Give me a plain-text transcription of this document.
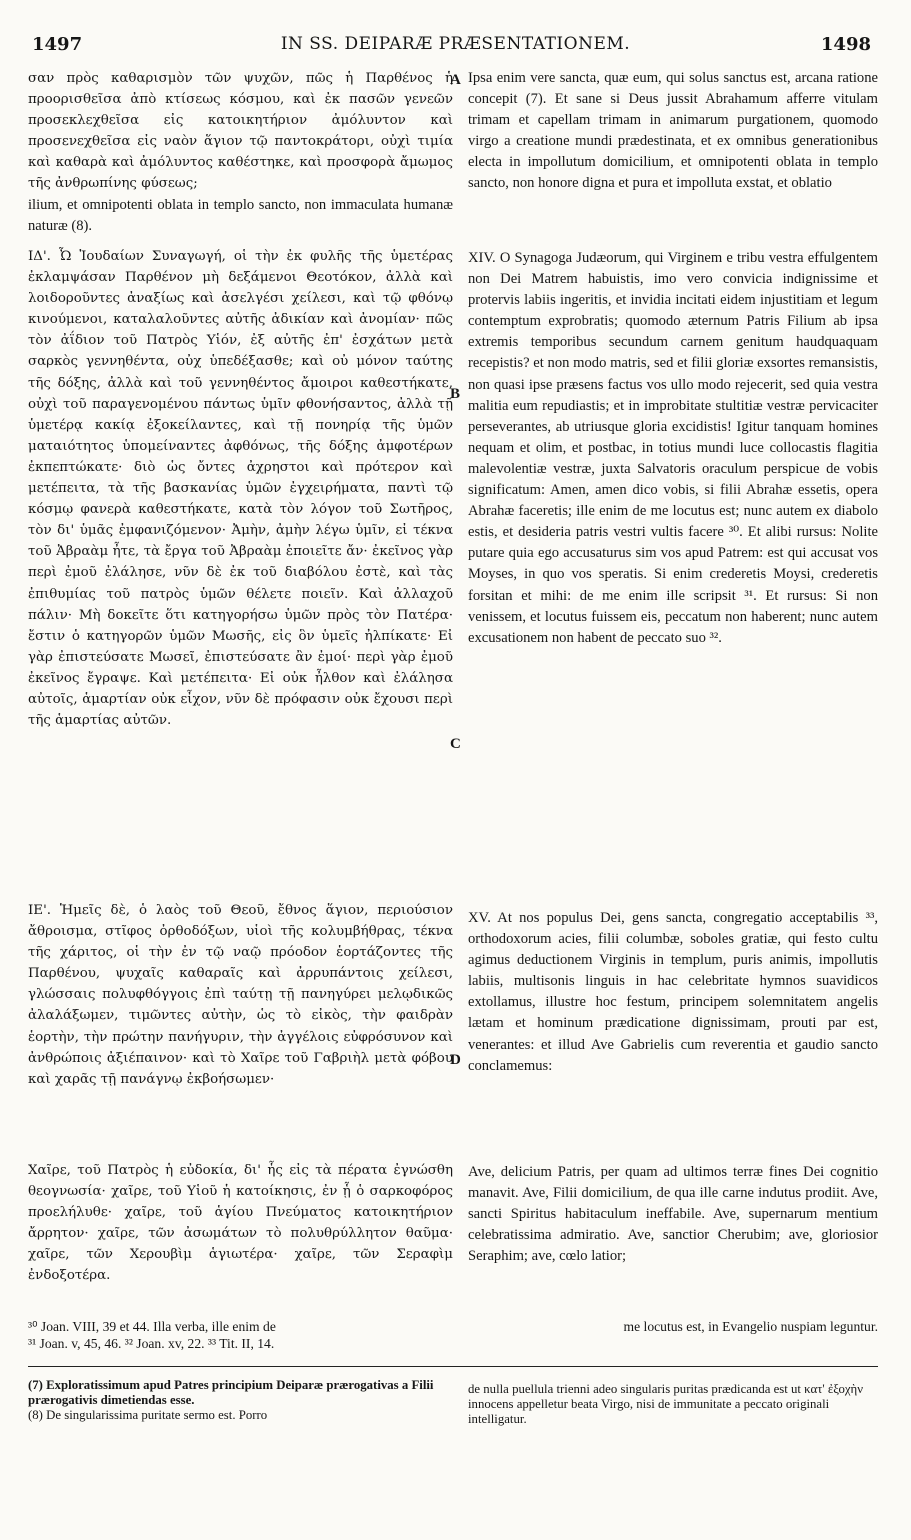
1497	IN SS. DEIPARÆ PRÆSENTATIONEM.	1498

σαν πρὸς καθαρισμὸν τῶν ψυχῶν, πῶς ἡ Παρθένος ἡ προορισθεῖσα ἀπὸ κτίσεως κόσμου, καὶ ἐκ πασῶν γενεῶν προσεκλεχθεῖσα εἰς κατοικητήριον ἀμόλυντον καὶ προσενεχθεῖσα εἰς ναὸν ἅγιον τῷ παντοκράτορι, οὐχὶ τιμία καὶ καθαρὰ καὶ ἀμόλυντος καθέστηκε, καὶ προσφορὰ ἄμωμος τῆς ἀνθρωπίνης φύσεως;

ilium, et omnipotenti oblata in templo sancto, non immaculata humanæ naturæ (8).

ΙΔ'. Ὦ Ἰουδαίων Συναγωγή, οἱ τὴν ἐκ φυλῆς τῆς ὑμετέρας ἐκλαμψάσαν Παρθένον μὴ δεξάμενοι Θεοτόκον, ἀλλὰ καὶ λοιδοροῦντες ἀναξίως καὶ ἀσελγέσι χείλεσι, καὶ τῷ φθόνῳ κινούμενοι, καταλαλοῦντες αὐτῆς ἀδικίαν καὶ ἀνομίαν· πῶς τὸν ἀΐδιον τοῦ Πατρὸς Υἱόν, ἐξ αὐτῆς ἐπ' ἐσχάτων μετὰ σαρκὸς γεννηθέντα, οὐχ ὑπεδέξασθε; καὶ οὐ μόνον ταύτης τῆς δόξης, ἀλλὰ καὶ τοῦ γεννηθέντος ἄμοιροι καθεστήκατε, οὐχὶ τοῦ παραγενομένου πάντως ὑμῖν φθονήσαντος, ἀλλὰ τῇ ὑμετέρᾳ κακίᾳ ἐξοκείλαντες, καὶ τῇ πονηρίᾳ τῆς ὑμῶν ματαιότητος ὑπομείναντες ἀφθόνως, τῆς δόξης ἀμφοτέρων ἐκπεπτώκατε· διὸ ὡς ὄντες ἀχρηστοι καὶ πρότερον καὶ μετέπειτα, τὰ τῆς βασκανίας ὑμῶν ἐγχειρήματα, παντὶ τῷ κόσμῳ φανερὰ καθεστήκατε, κατὰ τὸν λόγον τοῦ Σωτῆρος, τὸν δι' ὑμᾶς ἐμφανιζόμενον· Ἀμὴν, ἀμὴν λέγω ὑμῖν, εἰ τέκνα τοῦ Ἀβραὰμ ἦτε, τὰ ἔργα τοῦ Ἀβραὰμ ἐποιεῖτε ἄν· ἐκεῖνος γὰρ περὶ ἐμοῦ ἐλάλησε, νῦν δὲ ἐκ τοῦ διαβόλου ἐστὲ, καὶ τὰς ἐπιθυμίας τοῦ πατρὸς ὑμῶν θέλετε ποιεῖν. Καὶ ἀλλαχοῦ πάλιν· Μὴ δοκεῖτε ὅτι κατηγορήσω ὑμῶν πρὸς τὸν Πατέρα· ἔστιν ὁ κατηγορῶν ὑμῶν Μωσῆς, εἰς ὃν ὑμεῖς ἠλπίκατε· Εἰ γὰρ ἐπιστεύσατε Μωσεῖ, ἐπιστεύσατε ἂν ἐμοί· περὶ γὰρ ἐμοῦ ἐκεῖνος ἔγραψε. Καὶ μετέπειτα· Εἰ οὐκ ἦλθον καὶ ἐλάλησα αὐτοῖς, ἁμαρτίαν οὐκ εἶχον, νῦν δὲ πρόφασιν οὐκ ἔχουσι περὶ τῆς ἁμαρτίας αὐτῶν.

ΙΕ'. Ἡμεῖς δὲ, ὁ λαὸς τοῦ Θεοῦ, ἔθνος ἅγιον, περιούσιον ἄθροισμα, στῖφος ὀρθοδόξων, υἱοὶ τῆς κολυμβήθρας, τέκνα τῆς χάριτος, οἱ τὴν ἐν τῷ ναῷ πρόοδον ἑορτάζοντες τῆς Παρθένου, ψυχαῖς καθαραῖς καὶ ἀρρυπάντοις χείλεσι, γλώσσαις πολυφθόγγοις ἐπὶ ταύτῃ τῇ πανηγύρει μελῳδικῶς ἀλαλάξωμεν, τιμῶντες αὐτὴν, ὡς τὸ εἰκὸς, τὴν φαιδρὰν ἑορτὴν, τὴν πρώτην πανήγυριν, τὴν ἀγγέλοις εὐφρόσυνον καὶ ἀνθρώποις ἀξιέπαινον· καὶ τὸ Χαῖρε τοῦ Γαβριὴλ μετὰ φόβου καὶ χαρᾶς τῇ πανάγνῳ ἐκβοήσωμεν·

Χαῖρε, τοῦ Πατρὸς ἡ εὐδοκία, δι' ἧς εἰς τὰ πέρατα ἐγνώσθη θεογνωσία· χαῖρε, τοῦ Υἱοῦ ἡ κατοίκησις, ἐν ᾗ ὁ σαρκοφόρος προελήλυθε· χαῖρε, τοῦ ἁγίου Πνεύματος κατοικητήριον ἄρρητον· χαῖρε, τῶν ἀσωμάτων τὸ πολυθρύλλητον θαῦμα· χαῖρε, τῶν Χερουβὶμ ἁγιωτέρα· χαῖρε, τῶν Σεραφὶμ ἐνδοξοτέρα.

Ipsa enim vere sancta, quæ eum, qui solus sanctus est, arcana ratione concepit (7). Et sane si Deus jussit Abrahamum afferre vitulam trimam et capellam trimam in animarum purgationem, quomodo virgo a creatione mundi prædestinata, et ex omnibus generationibus electa in impollutum domicilium, et omnipotenti oblata in templo sancto, non honore digna et pura et impolluta exstat, et oblatio

XIV. O Synagoga Judæorum, qui Virginem e tribu vestra effulgentem non Dei Matrem habuistis, imo vero convicia indignissime et protervis labiis ingeritis, et invidia incitati eidem injustitiam et legum contemptum exprobratis; quomodo æternum Patris Filium ab ipsa extremis temporibus secundum carnem genitum haudquaquam recepistis? et non modo matris, sed et filii gloriæ exsortes remansistis, non quasi ipse præsens factus vos ullo modo rejecerit, sed quia vestra malitia eum repudiastis; et in improbitate stultitiæ vestræ pervicaciter perseverantes, ab utriusque gloria excidistis! Igitur tanquam homines nequam et olim, et postbac, in totius mundi luce collocastis flagitia malevolentiæ vestræ, juxta Salvatoris oraculum perspicue de vobis significatum: Amen, amen dico vobis, si filii Abrahæ essetis, opera Abrahæ faceretis; ille enim de me locutus est; nunc autem ex diabolo estis, et desideria patris vestri vultis facere ³⁰. Et alibi rursus: Nolite putare quia ego accusaturus sim vos apud Patrem: est qui accusat vos Moyses, in quo vos speratis. Si enim crederetis Moysi, crederetis forsitan et mihi: de me enim ille scripsit ³¹. Et rursus: Si non venissem, et locutus fuissem eis, peccatum non haberent; nunc autem excusationem non habent de peccato suo ³².

XV. At nos populus Dei, gens sancta, congregatio acceptabilis ³³, orthodoxorum acies, filii columbæ, soboles gratiæ, qui festo cultu agimus deductionem Virginis in templum, puris animis, impollutis labiis, multisonis linguis in hac celebritate hymnos suavidicos extollamus, illustre hoc festum, principem solemnitatem angelis lætam et hominum prædicatione dignissimam, prouti par est, venerantes: et illud Ave Gabrielis cum reverentia et gaudio sancto conclamemus:

Ave, delicium Patris, per quam ad ultimos terræ fines Dei cognitio manavit. Ave, Filii domicilium, de qua ille carne indutus prodiit. Ave, sancti Spiritus habitaculum ineffabile. Ave, supernarum mentium celebratissima admiratio. Ave, sanctior Cherubim; ave, gloriosior Seraphim; ave, cœlo latior;

A
B
C
D
³⁰ Joan. VIII, 39 et 44. Illa verba, ille enim de	me locutus est, in Evangelio nuspiam leguntur.
³¹ Joan. v, 45, 46. ³² Joan. xv, 22. ³³ Tit. II, 14.
(7) Exploratissimum apud Patres principium Deiparæ prærogativas a Filii prærogativis dimetiendas esse.
(8) De singularissima puritate sermo est. Porro
de nulla puellula trienni adeo singularis puritas prædicanda est ut κατ' ἐξοχὴν innocens appelletur beata Virgo, nisi de immunitate a peccato originali intelligatur.
